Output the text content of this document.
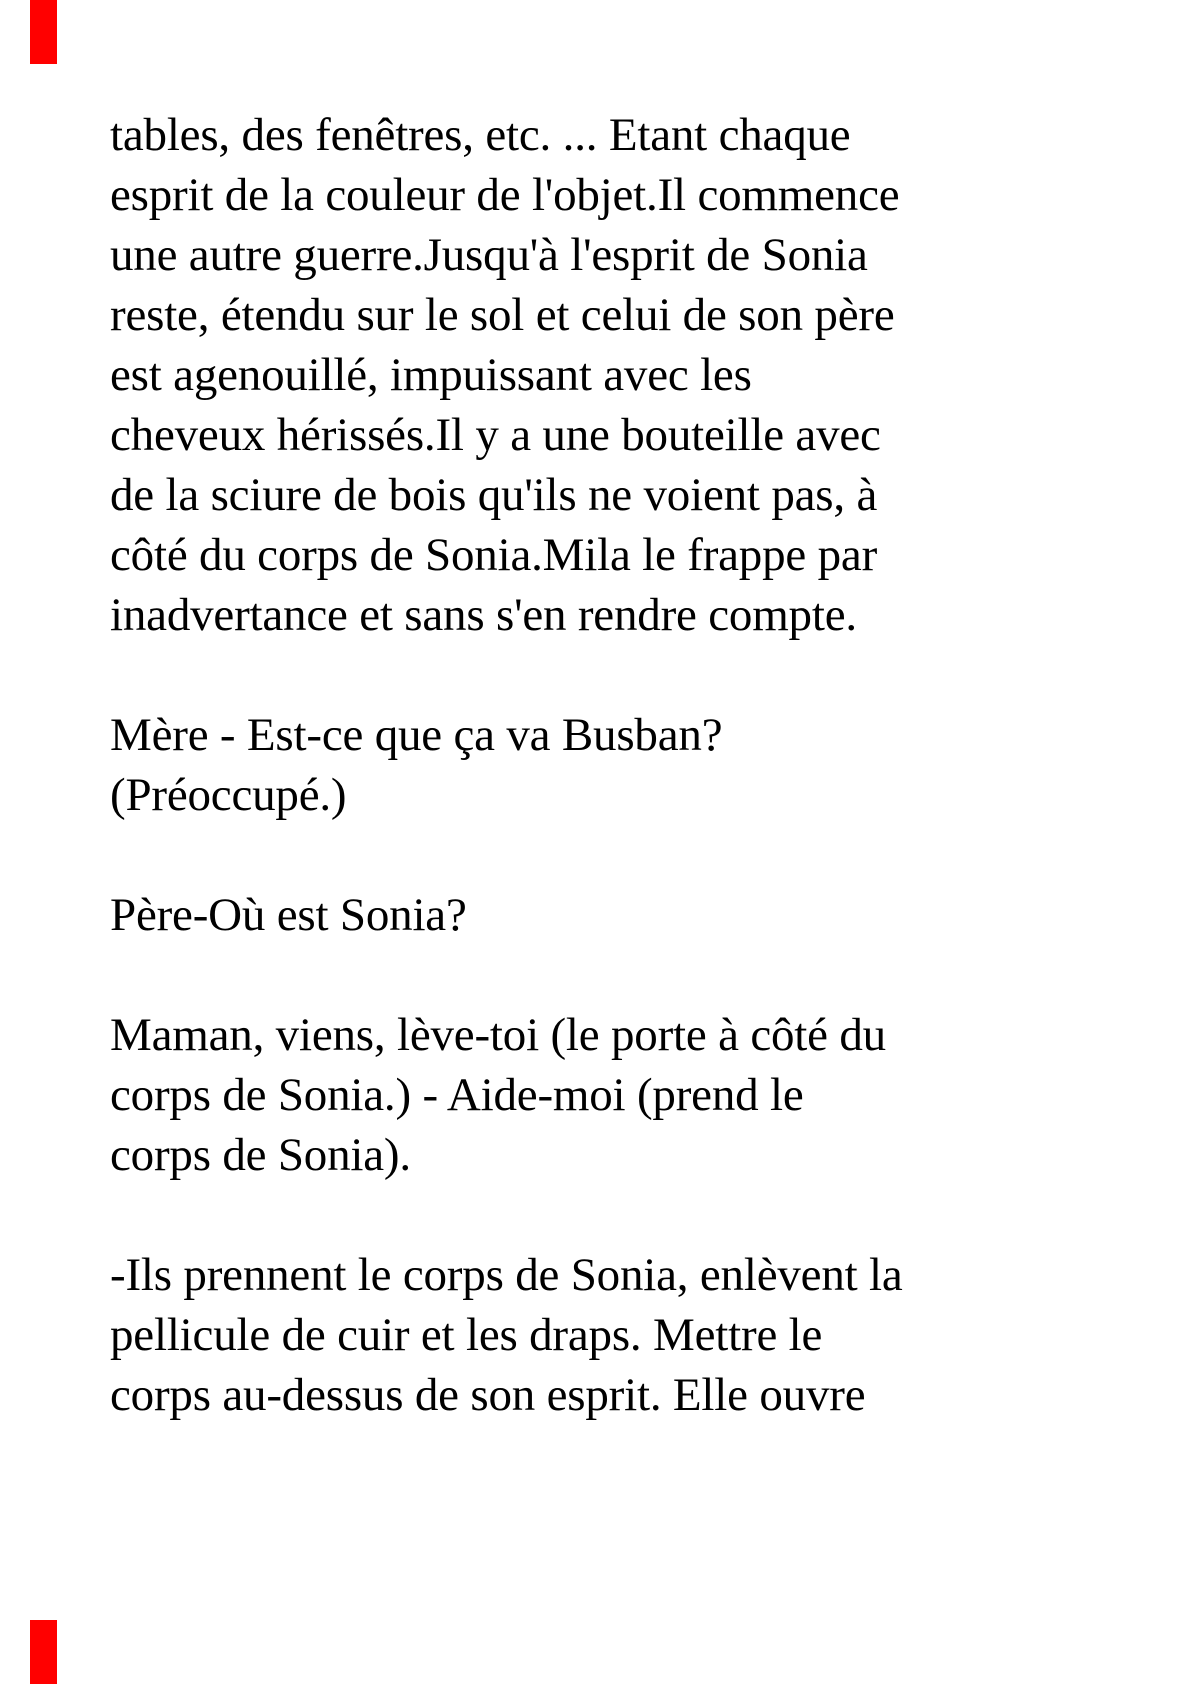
tables, des fenêtres, etc. ... Etant chaque
esprit de la couleur de l'objet.Il commence
une autre guerre.Jusqu'à l'esprit de Sonia
reste, étendu sur le sol et celui de son père
est agenouillé, impuissant avec les
cheveux hérissés.Il y a une bouteille avec
de la sciure de bois qu'ils ne voient pas, à
côté du corps de Sonia.Mila le frappe par
inadvertance et sans s'en rendre compte.

Mère - Est-ce que ça va Busban?
(Préoccupé.)

Père-Où est Sonia?

Maman, viens, lève-toi (le porte à côté du
corps de Sonia.) - Aide-moi (prend le
corps de Sonia).

-Ils prennent le corps de Sonia, enlèvent la
pellicule de cuir et les draps. Mettre le
corps au-dessus de son esprit. Elle ouvre
